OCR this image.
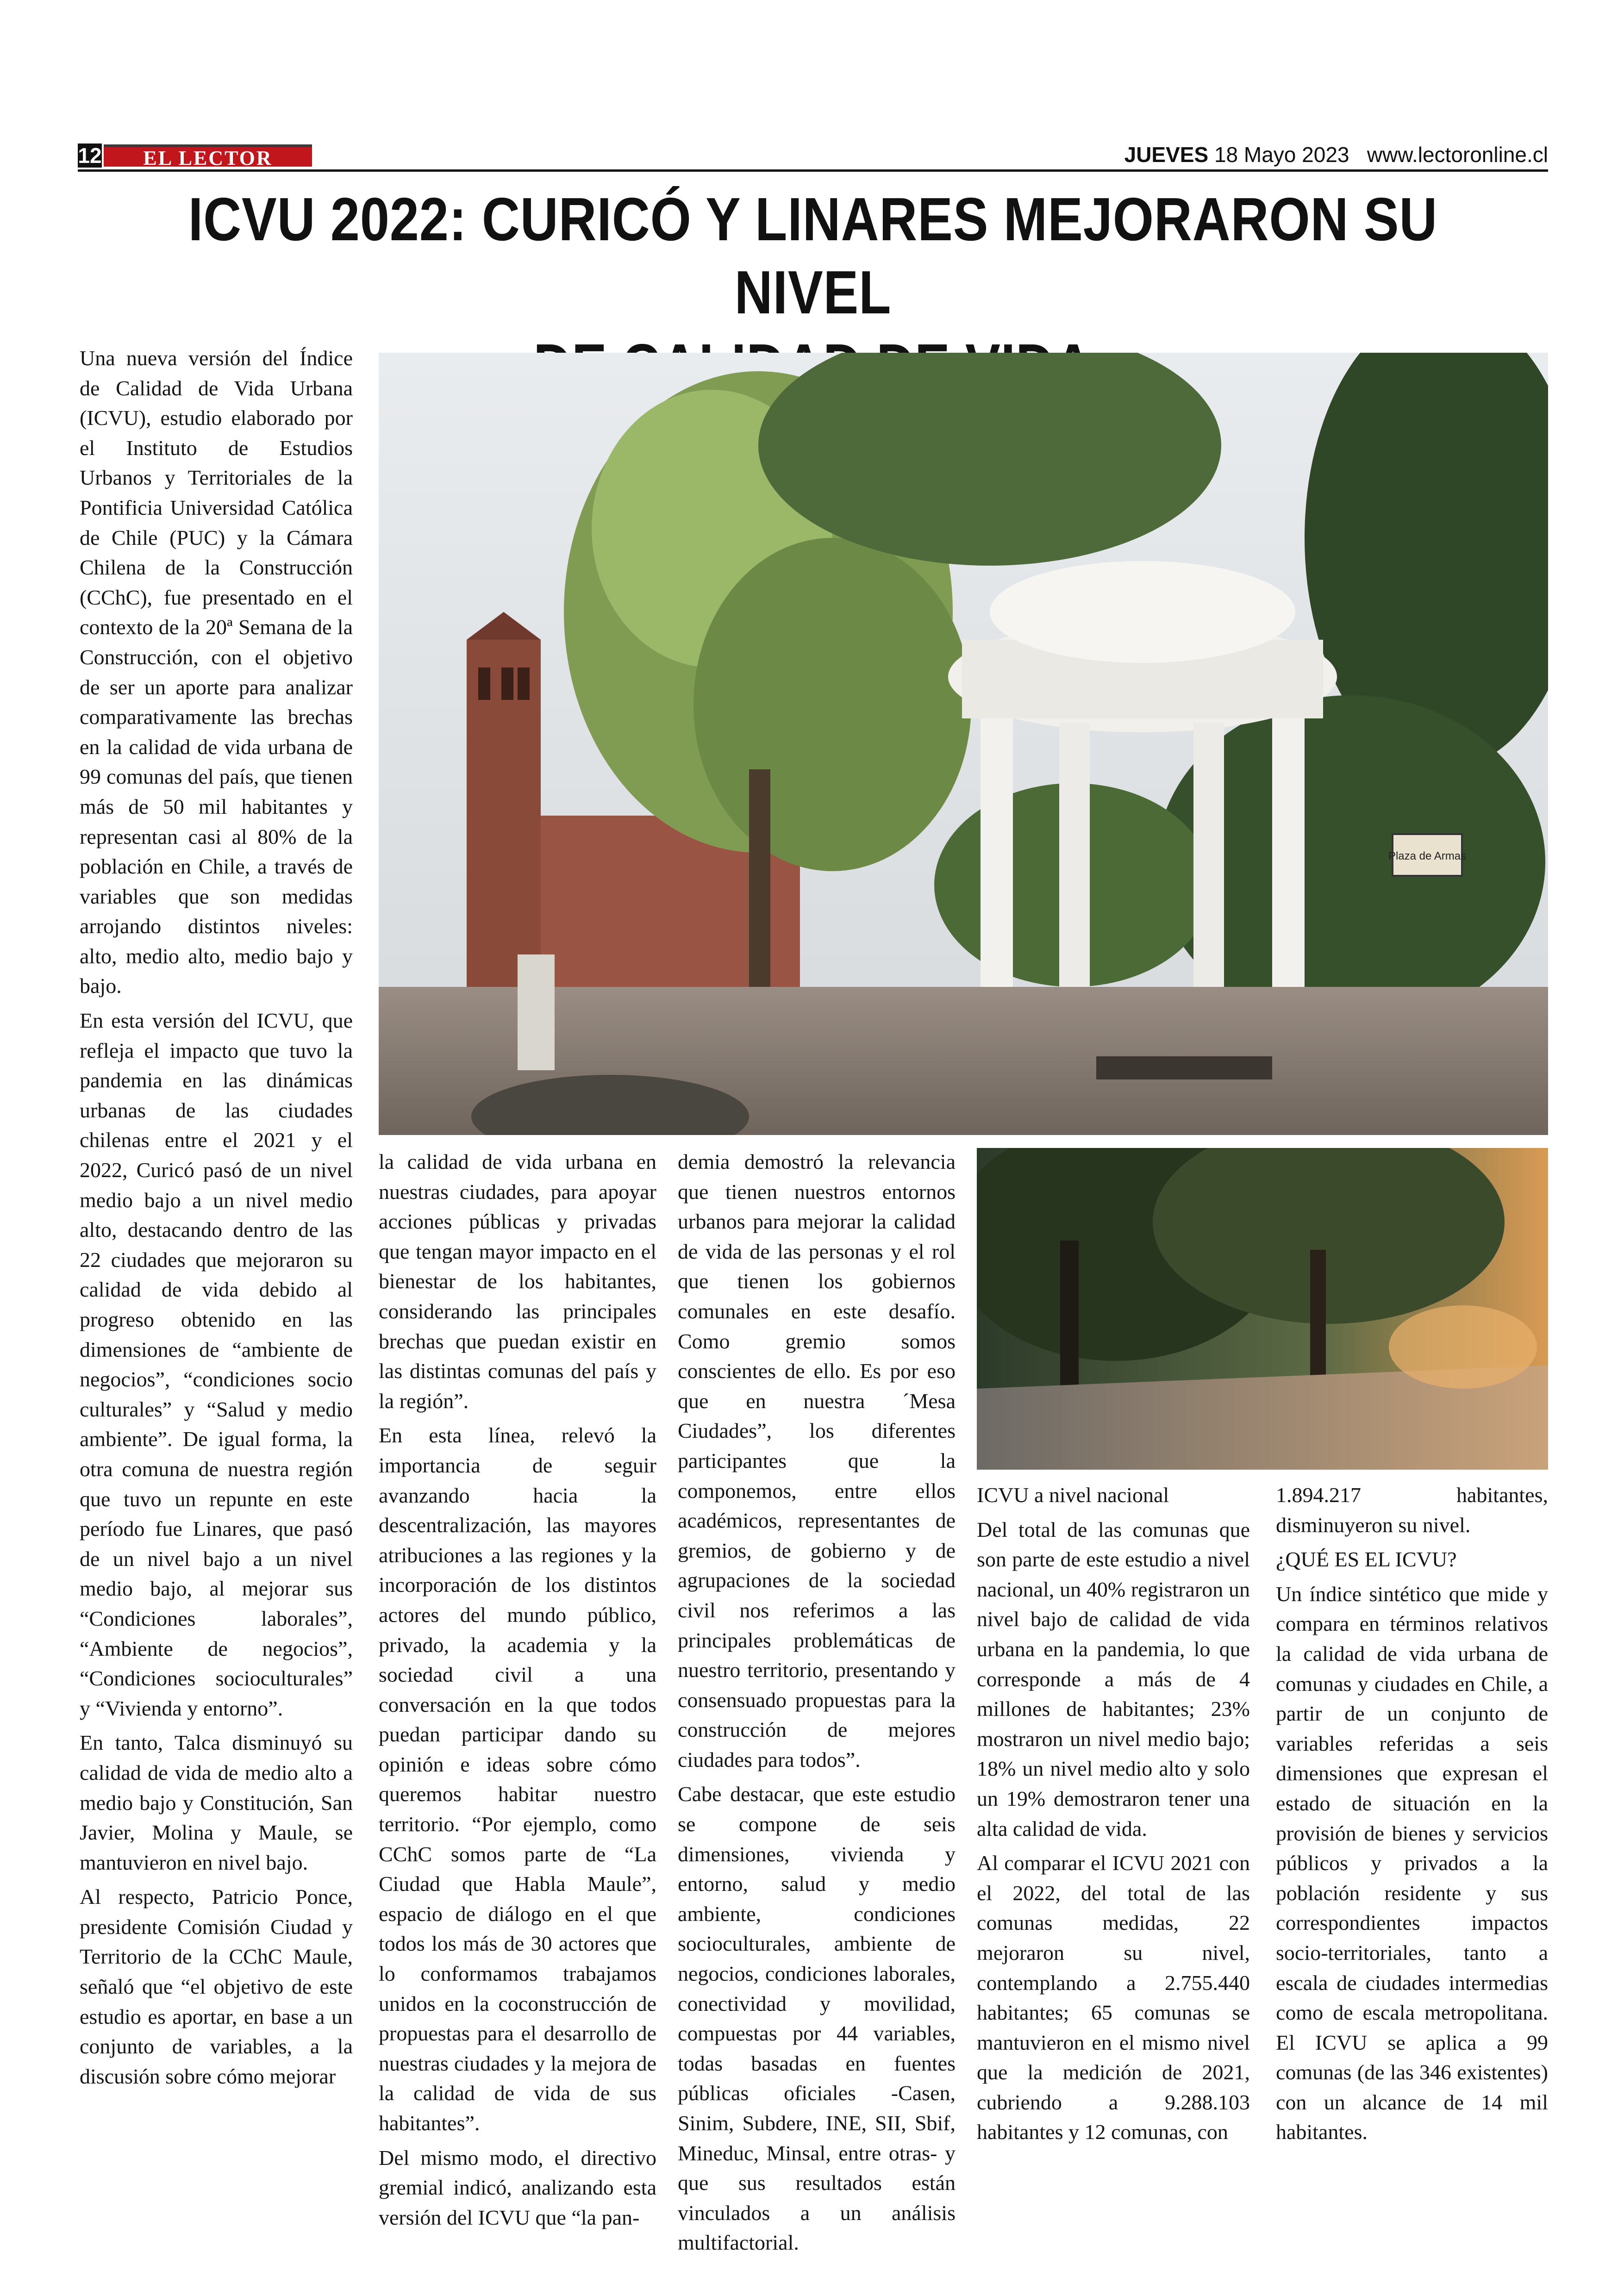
12	EL LECTOR	JUEVES 18 Mayo 2023 www.lectoronline.cl
ICVU 2022: CURICÓ Y LINARES MEJORARON SU NIVEL

Plaza de Armas

Una nueva versión del Índice de Calidad de Vida Urbana (ICVU), estudio elaborado por el Instituto de Estudios Urbanos y Territoriales de la Pontificia Universidad Católica de Chile (PUC) y la Cámara Chilena de la Construcción (CChC), fue presentado en el contexto de la 20ª Semana de la Construcción, con el objetivo de ser un aporte para analizar comparativamente las brechas en la calidad de vida urbana de 99 comunas del país, que tienen más de 50 mil habitantes y representan casi al 80% de la población en Chile, a través de variables que son medidas arrojando distintos niveles: alto, medio alto, medio bajo y bajo.

En esta versión del ICVU, que refleja el impacto que tuvo la pandemia en las dinámicas urbanas de las ciudades chilenas entre el 2021 y el 2022, Curicó pasó de un nivel medio bajo a un nivel medio alto, destacando dentro de las 22 ciudades que mejoraron su calidad de vida debido al progreso obtenido en las dimensiones de “ambiente de negocios”, “condiciones socio culturales” y “Salud y medio ambiente”. De igual forma, la otra comuna de nuestra región que tuvo un repunte en este período fue Linares, que pasó de un nivel bajo a un nivel medio bajo, al mejorar sus “Condiciones laborales”, “Ambiente de negocios”, “Condiciones socioculturales” y “Vivienda y entorno”.

En tanto, Talca disminuyó su calidad de vida de medio alto a medio bajo y Constitución, San Javier, Molina y Maule, se mantuvieron en nivel bajo.

Al respecto, Patricio Ponce, presidente Comisión Ciudad y Territorio de la CChC Maule, señaló que “el objetivo de este estudio es aportar, en base a un conjunto de variables, a la discusión sobre cómo mejorar

la calidad de vida urbana en nuestras ciudades, para apoyar acciones públicas y privadas que tengan mayor impacto en el bienestar de los habitantes, considerando las principales brechas que puedan existir en las distintas comunas del país y la región”.

En esta línea, relevó la importancia de seguir avanzando hacia la descentralización, las mayores atribuciones a las regiones y la incorporación de los distintos actores del mundo público, privado, la academia y la sociedad civil a una conversación en la que todos puedan participar dando su opinión e ideas sobre cómo queremos habitar nuestro territorio. “Por ejemplo, como CChC somos parte de “La Ciudad que Habla Maule”, espacio de diálogo en el que todos los más de 30 actores que lo conformamos trabajamos unidos en la coconstrucción de propuestas para el desarrollo de nuestras ciudades y la mejora de la calidad de vida de sus habitantes”.

Del mismo modo, el directivo gremial indicó, analizando esta versión del ICVU que “la pan-

demia demostró la relevancia que tienen nuestros entornos urbanos para mejorar la calidad de vida de las personas y el rol que tienen los gobiernos comunales en este desafío. Como gremio somos conscientes de ello. Es por eso que en nuestra ´Mesa Ciudades”, los diferentes participantes que la componemos, entre ellos académicos, representantes de gremios, de gobierno y de agrupaciones de la sociedad civil nos referimos a las principales problemáticas de nuestro territorio, presentando y consensuado propuestas para la construcción de mejores ciudades para todos”.

Cabe destacar, que este estudio se compone de seis dimensiones, vivienda y entorno, salud y medio ambiente, condiciones socioculturales, ambiente de negocios, condiciones laborales, conectividad y movilidad, compuestas por 44 variables, todas basadas en fuentes públicas oficiales -Casen, Sinim, Subdere, INE, SII, Sbif, Mineduc, Minsal, entre otras- y que sus resultados están vinculados a un análisis multifactorial.

ICVU a nivel nacional

Del total de las comunas que son parte de este estudio a nivel nacional, un 40% registraron un nivel bajo de calidad de vida urbana en la pandemia, lo que corresponde a más de 4 millones de habitantes; 23% mostraron un nivel medio bajo; 18% un nivel medio alto y solo un 19% demostraron tener una alta calidad de vida.

Al comparar el ICVU 2021 con el 2022, del total de las comunas medidas, 22 mejoraron su nivel, contemplando a 2.755.440 habitantes; 65 comunas se mantuvieron en el mismo nivel que la medición de 2021, cubriendo a 9.288.103 habitantes y 12 comunas, con

1.894.217 habitantes, disminuyeron su nivel.

¿QUÉ ES EL ICVU?

Un índice sintético que mide y compara en términos relativos la calidad de vida urbana de comunas y ciudades en Chile, a partir de un conjunto de variables referidas a seis dimensiones que expresan el estado de situación en la provisión de bienes y servicios públicos y privados a la población residente y sus correspondientes impactos socio-territoriales, tanto a escala de ciudades intermedias como de escala metropolitana. El ICVU se aplica a 99 comunas (de las 346 existentes) con un alcance de 14 mil habitantes.
